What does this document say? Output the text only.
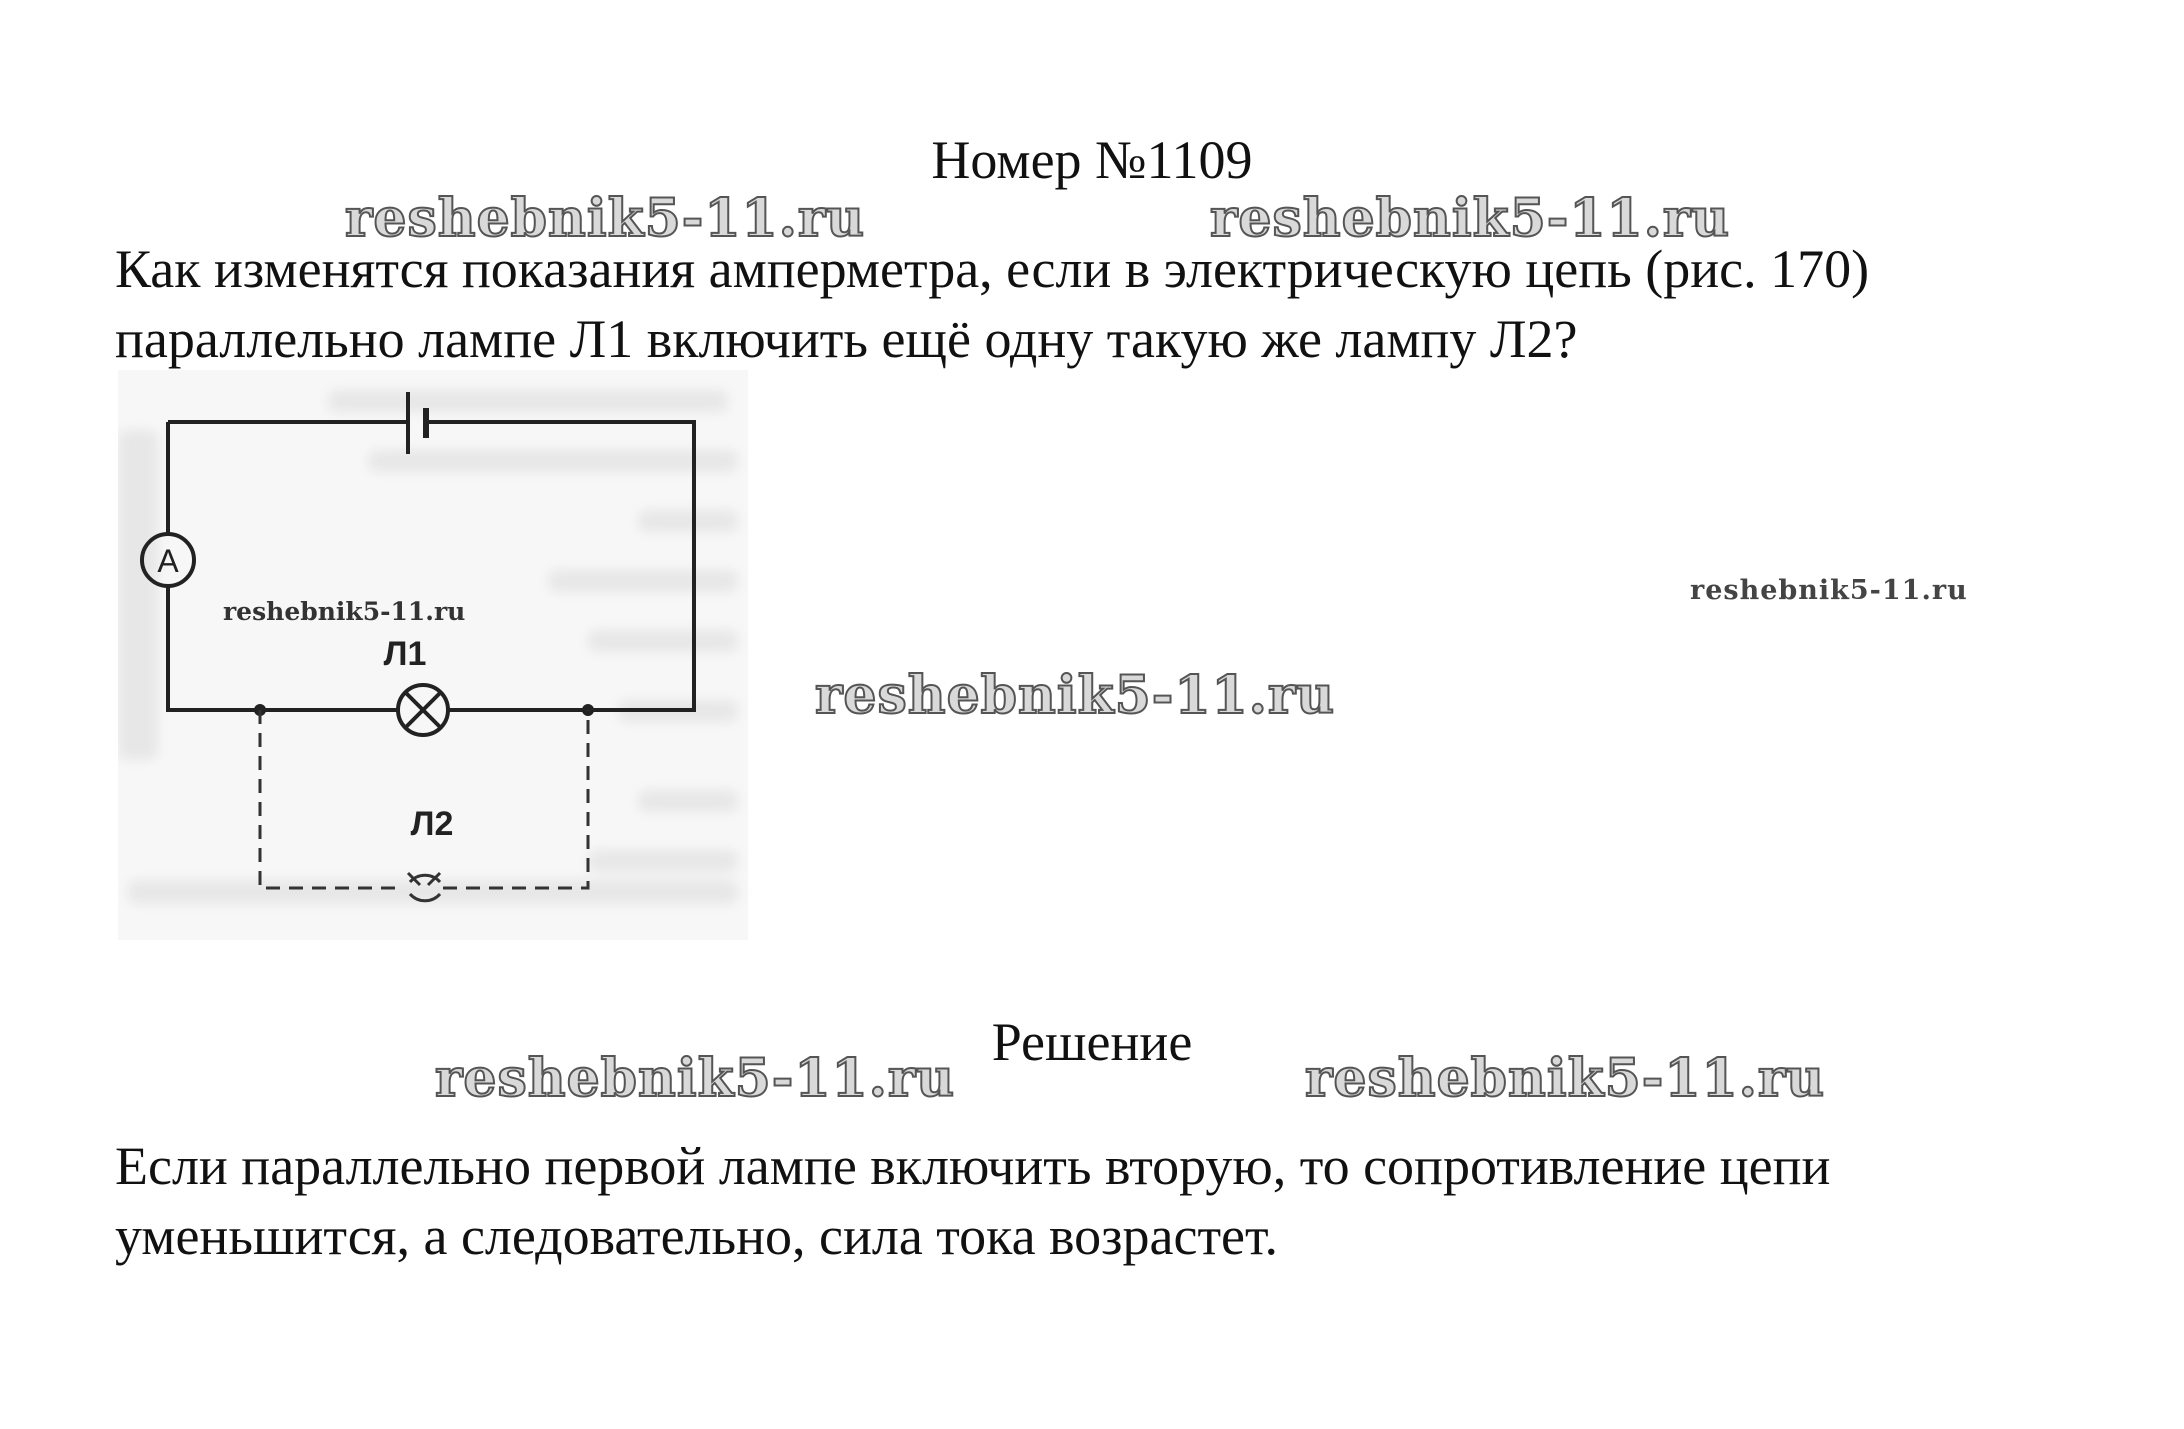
Номер №1109
reshebnik5-11.ru	reshebnik5-11.ru
Как изменятся показания амперметра, если в электрическую цепь (рис. 170)
параллельно лампе Л1 включить ещё одну такую же лампу Л2?
A
Л1
Л2
reshebnik5-11.ru
reshebnik5-11.ru
reshebnik5-11.ru
Решение
reshebnik5-11.ru	reshebnik5-11.ru
Если параллельно первой лампе включить вторую, то сопротивление цепи
уменьшится, а следовательно, сила тока возрастет.
